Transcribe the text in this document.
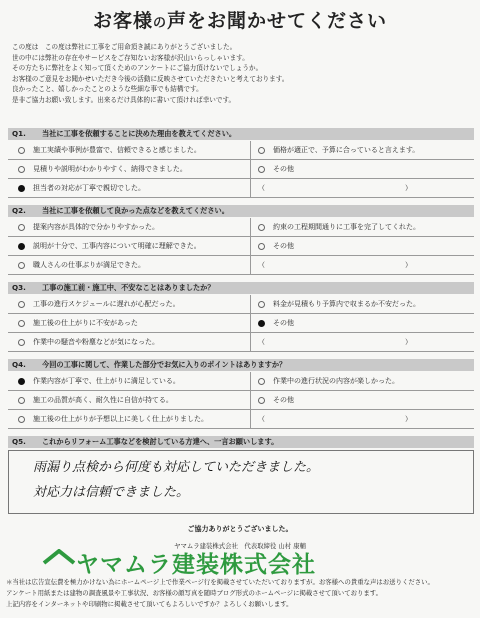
お客様の声をお聞かせてください
この度は　この度は弊社に工事をご用命頂き誠にありがとうございました。
世の中には弊社の存在やサービスをご存知ないお客様が沢山いらっしゃいます。
その方たちに弊社をよく知って頂くためのアンケートにご協力頂けないでしょうか。
お客様のご意見をお聞かせいただき今後の活動に反映させていただきたいと考えております。
良かったこと、嬉しかったことのような些細な事でも結構です。
是非ご協力お願い致します。出来るだけ具体的に書いて頂ければ幸いです。
Q1. 当社に工事を依頼することに決めた理由を教えてください。
施工実績や事例が豊富で、信頼できると感じました。	価格が適正で、予算に合っていると言えます。
見積りや説明がわかりやすく、納得できました。	その他
担当者の対応が丁寧で親切でした。	（　　　　　　　　　　　　　　　　　　　　）
Q2. 当社に工事を依頼して良かった点などを教えてください。
提案内容が具体的で分かりやすかった。	約束の工程期間通りに工事を完了してくれた。
説明が十分で、工事内容について明確に理解できた。	その他
職人さんの仕事ぶりが満足できた。	（　　　　　　　　　　　　　　　　　　　　）
Q3. 工事の施工前・施工中、不安なことはありましたか？
工事の進行スケジュールに遅れが心配だった。	料金が見積もり予算内で収まるか不安だった。
施工後の仕上がりに不安があった	その他
作業中の騒音や粉塵などが気になった。	（　　　　　　　　　　　　　　　　　　　　）
Q4. 今回の工事に関して、作業した部分でお気に入りのポイントはありますか？
作業内容が丁寧で、仕上がりに満足している。	作業中の進行状況の内容が楽しかった。
施工の品質が高く、耐久性に自信が持てる。	その他
施工後の仕上がりが予想以上に美しく仕上がりました。	（　　　　　　　　　　　　　　　　　　　　）
Q5. これからリフォーム工事などを検討している方達へ、一言お願いします。
雨漏り点検から何度も対応していただきました。
対応力は信頼できました。
ご協力ありがとうございました。
ヤマムラ建装株式会社　代表取締役 山村 康輔
ヤマムラ建装株式会社
＊当社は広告宣伝費を極力かけない為にホームページ上で作業ページ行を掲載させていただいておりますが。お客様への貴重な声はお送りください。
アンケート用紙または建物の調査風景や工事状況、お客様の顔写真を随時ブログ形式のホームページに掲載させて頂いております。
上記内容をインターネットや印刷物に掲載させて頂いてもよろしいですか？よろしくお願いします。
